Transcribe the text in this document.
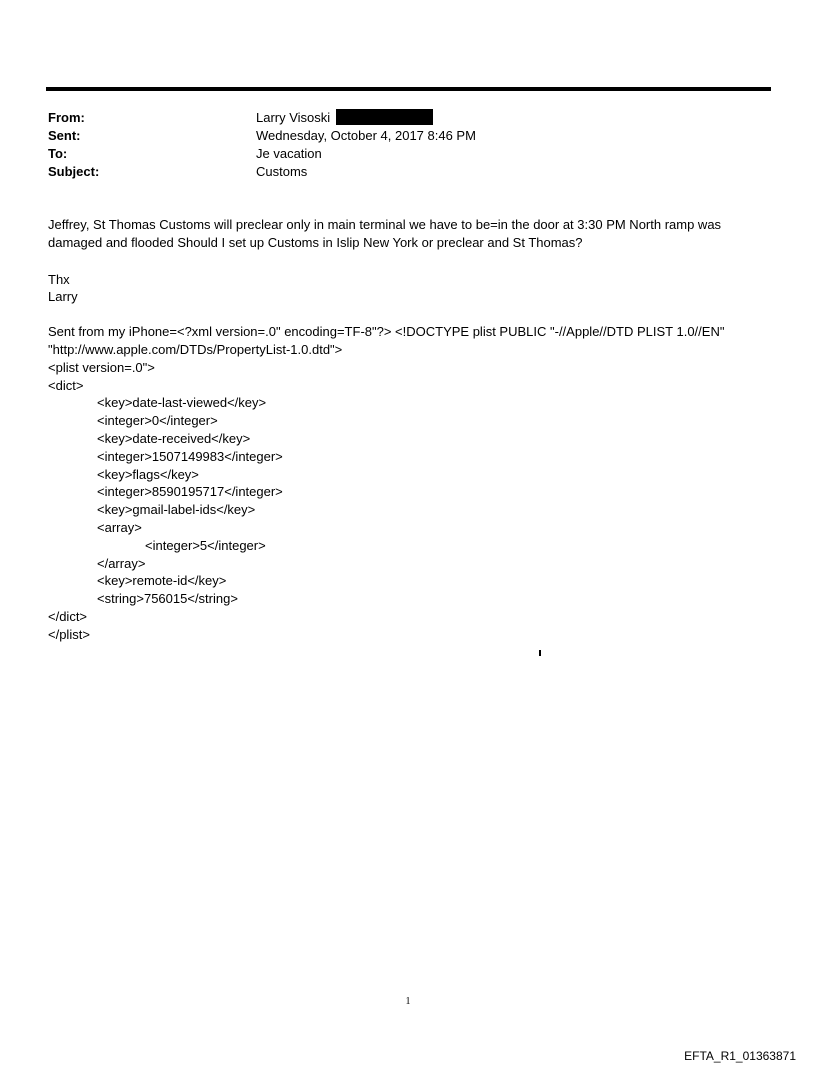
From:	Larry Visoski
Sent:	Wednesday, October 4, 2017 8:46 PM
To:	Je vacation
Subject:	Customs

Jeffrey, St Thomas Customs will preclear only in main terminal we have to be=in the door at 3:30 PM North ramp was damaged and flooded Should I set up Customs in Islip New York or preclear and St Thomas?

Thx

Larry

Sent from my iPhone=<?xml version=.0" encoding=TF-8"?> <!DOCTYPE plist PUBLIC "-//Apple//DTD PLIST 1.0//EN" "http://www.apple.com/DTDs/PropertyList-1.0.dtd">

<plist version=.0">
<dict>
<key>date-last-viewed</key>
<integer>0</integer>
<key>date-received</key>
<integer>1507149983</integer>
<key>flags</key>
<integer>8590195717</integer>
<key>gmail-label-ids</key>
<array>
<integer>5</integer>
</array>
<key>remote-id</key>
<string>756015</string>
</dict>
</plist>
1
EFTA_R1_01363871
